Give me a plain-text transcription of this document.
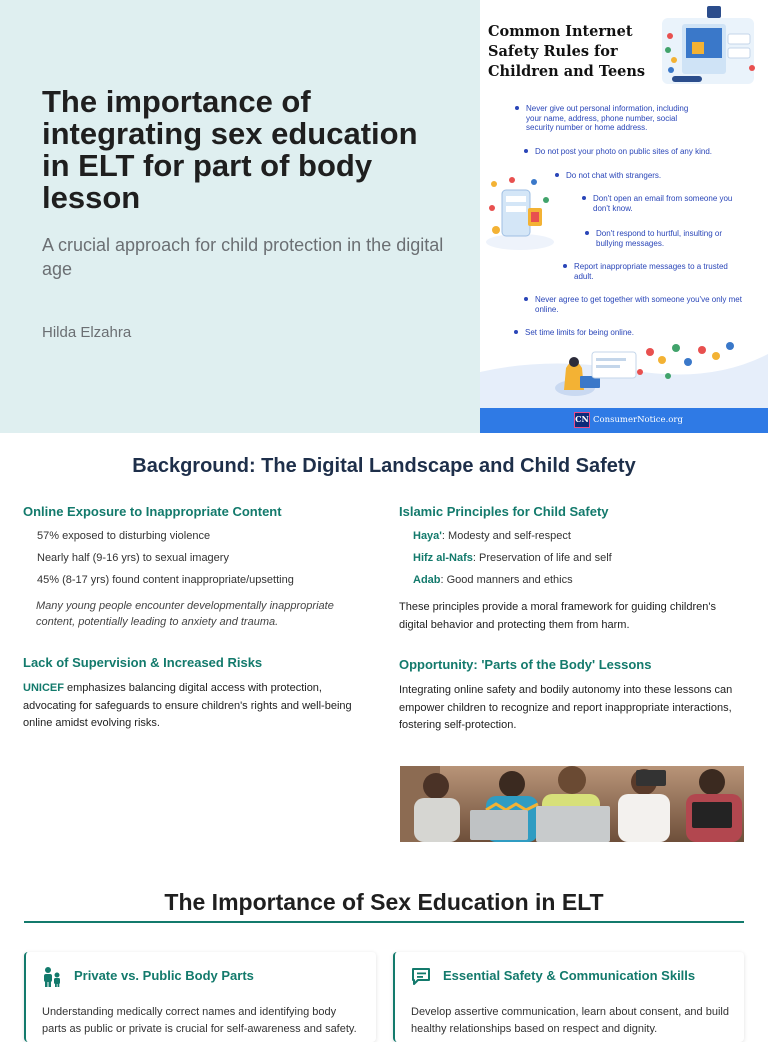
The importance of integrating sex education in ELT for part of body lesson

A crucial approach for child protection in the digital age

Hilda Elzahra

Common Internet Safety Rules for Children and Teens
Never give out personal information, including your name, address, phone number, social security number or home address.
Do not post your photo on public sites of any kind.
Do not chat with strangers.
Don't open an email from someone you don't know.
Don't respond to hurtful, insulting or bullying messages.
Report inappropriate messages to a trusted adult.
Never agree to get together with someone you've only met online.
Set time limits for being online.
CN ConsumerNotice.org
Background: The Digital Landscape and Child Safety
Online Exposure to Inappropriate Content
57% exposed to disturbing violence
Nearly half (9-16 yrs) to sexual imagery
45% (8-17 yrs) found content inappropriate/upsetting

Many young people encounter developmentally inappropriate content, potentially leading to anxiety and trauma.

Lack of Supervision & Increased Risks

UNICEF emphasizes balancing digital access with protection, advocating for safeguards to ensure children's rights and well-being online amidst evolving risks.

Islamic Principles for Child Safety
Haya': Modesty and self-respect
Hifz al-Nafs: Preservation of life and self
Adab: Good manners and ethics

These principles provide a moral framework for guiding children's digital behavior and protecting them from harm.

Opportunity: 'Parts of the Body' Lessons

Integrating online safety and bodily autonomy into these lessons can empower children to recognize and report inappropriate interactions, fostering self-protection.

The Importance of Sex Education in ELT
Private vs. Public Body Parts
Understanding medically correct names and identifying body parts as public or private is crucial for self-awareness and safety.
Essential Safety & Communication Skills
Develop assertive communication, learn about consent, and build healthy relationships based on respect and dignity.
